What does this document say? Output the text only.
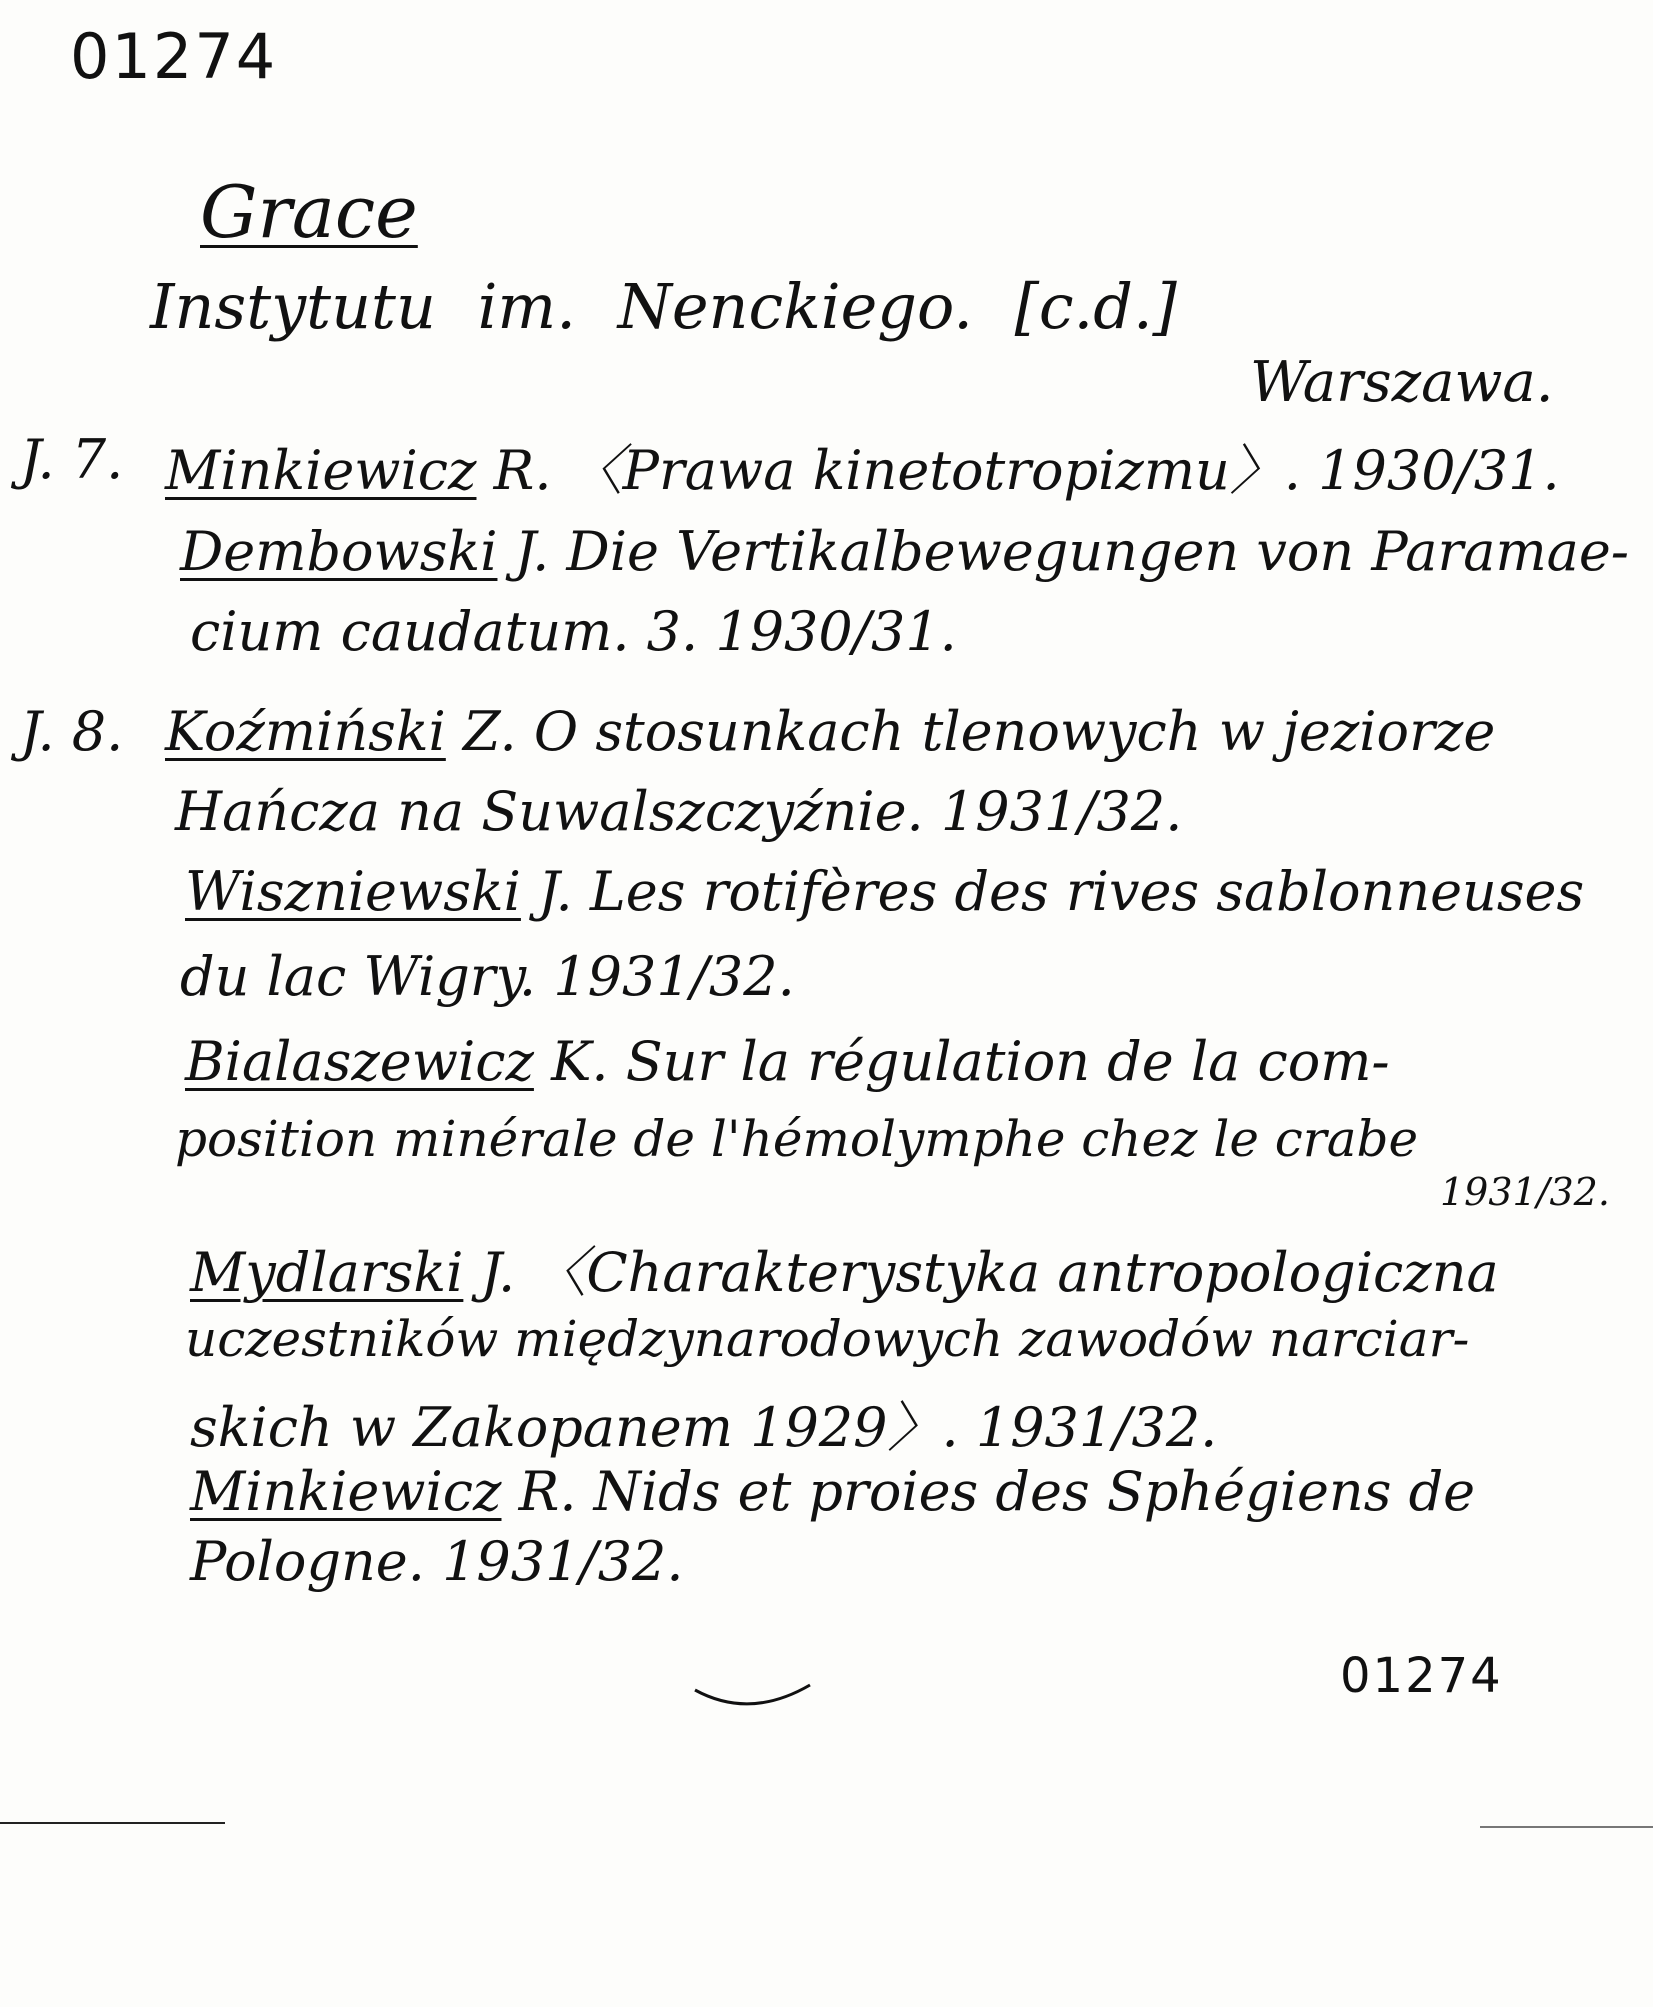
01274
Grace
Instytutu im. Nenckiego. [c.d.]
Warszawa.
J. 7. Minkiewicz R. 〈Prawa kinetotropizmu〉. 1930/31.
Dembowski J. Die Vertikalbewegungen von Paramae-
cium caudatum. 3. 1930/31.
J. 8. Koźmiński Z. O stosunkach tlenowych w jeziorze
Hańcza na Suwalszczyźnie. 1931/32.
Wiszniewski J. Les rotifères des rives sablonneuses
du lac Wigry. 1931/32.
Bialaszewicz K. Sur la régulation de la com-
position minérale de l'hémolymphe chez le crabe
1931/32.
Mydlarski J. 〈Charakterystyka antropologiczna
uczestników międzynarodowych zawodów narciar-
skich w Zakopanem 1929〉. 1931/32.
Minkiewicz R. Nids et proies des Sphégiens de
Pologne. 1931/32.
01274
